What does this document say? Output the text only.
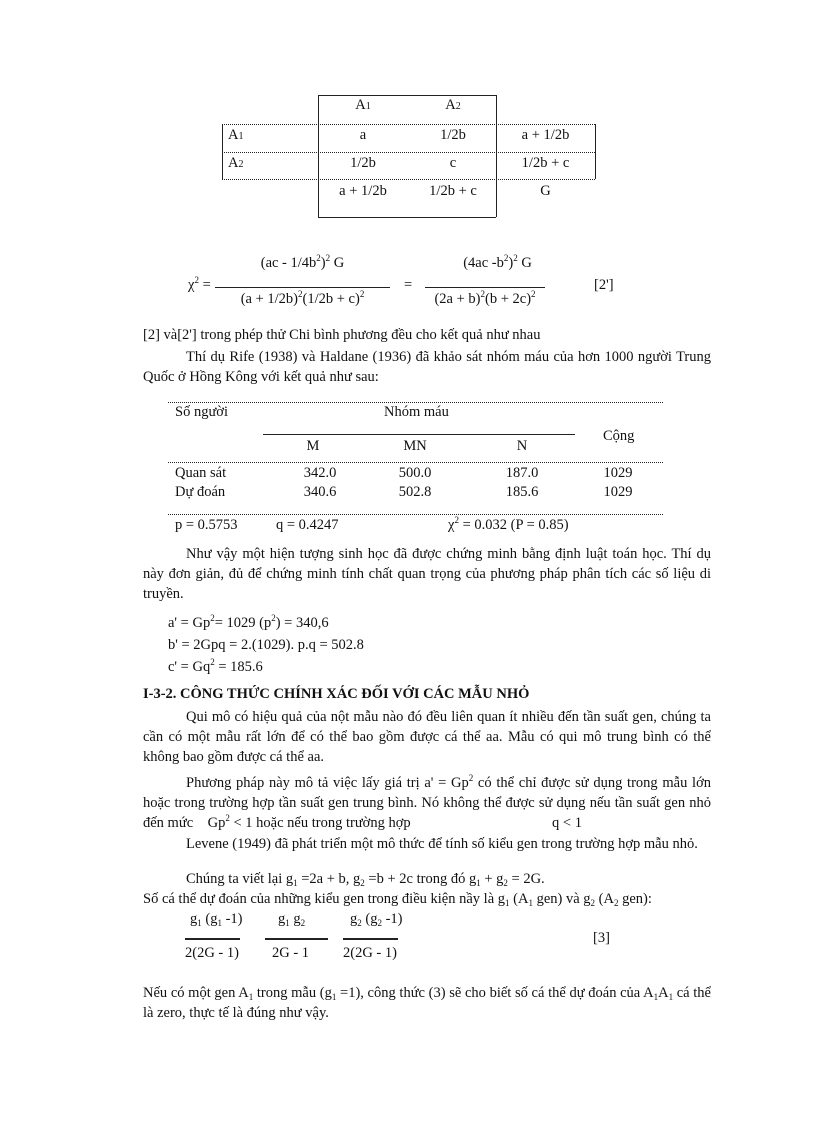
A1	A2
A1	a	1/2b	a + 1/2b
A2	1/2b	c	1/2b + c
a + 1/2b	1/2b + c	G
$\chi^2$ =
$(ac - 1/4b^2)^2$ G
$(a + 1/2b)^2(1/2b + c)^2$
=
(4ac $-b^2)^2$ G
$(2a + b)^2(b + 2c)^2$
[2']
[2] và[2'] trong phép thử Chi bình phương đều cho kết quả như nhau
Thí dụ Rife (1938) và Haldane (1936) đã khảo sát nhóm máu của hơn 1000 người Trung Quốc ở Hồng Kông với kết quả như sau:
Số người	Nhóm máu
Cộng
M	MN	N
Quan sát	342.0	500.0	187.0	1029
Dự đoán	340.6	502.8	185.6	1029
p = 0.5753	q = 0.4247	$\chi^2 = 0.032$ (P = 0.85)
Như vậy một hiện tượng sinh học đã được chứng minh bằng định luật toán học. Thí dụ này đơn giản, đủ để chứng minh tính chất quan trọng của phương pháp phân tích các số liệu di truyền.
$a' = Gp^2= 1029$ $(p^2) = 340,6$
b' = 2Gpq = 2.(1029). p.q = 502.8
$c' = Gq^2 = 185.6$
I-3-2. CÔNG THỨC CHÍNH XÁC ĐỐI VỚI CÁC MẪU NHỎ
Qui mô có hiệu quả của nột mẫu nào đó đều liên quan ít nhiều đến tần suất gen, chúng ta cần có một mẫu rất lớn để có thể bao gồm được cá thể aa. Mẫu có qui mô trung bình có thể không bao gồm được cá thể aa.
Phương pháp này mô tả việc lấy giá trị $a' = Gp^2$ có thể chỉ được sử dụng trong mẫu lớn hoặc trong trường hợp tần suất gen trung bình. Nó không thể được sử dụng nếu tần suất gen nhỏ đến mức $Gp^2 < 1$ hoặc nếu trong trường hợp	q < 1
Levene (1949) đã phát triển một mô thức để tính số kiểu gen trong trường hợp mẫu nhỏ.
Chúng ta viết lại $g_1 =2a + b$, $g_2 =b + 2c$ trong đó $g_1 + g_2 = 2G$.
Số cá thể dự đoán của những kiểu gen trong điều kiện nầy là $g_1$ ($A_1$ gen) và $g_2$ ($A_2$ gen):
$g_1$ ($g_1$ -1)
2(2G - 1)
$g_1$ $g_2$
2G - 1
$g_2$ ($g_2$ -1)
2(2G - 1)
[3]
Nếu có một gen $A_1$ trong mẫu $(g_1 =1)$, công thức (3) sẽ cho biết số cá thể dự đoán của $A_1A_1$ cá thể là zero, thực tế là đúng như vậy.
